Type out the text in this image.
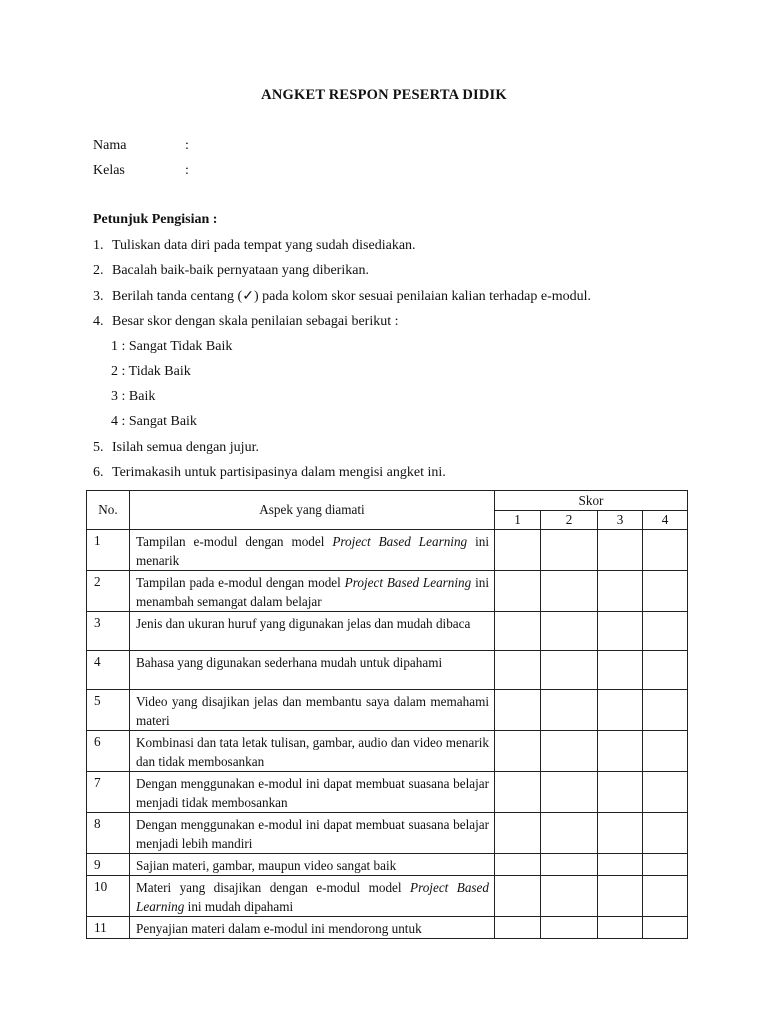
ANGKET RESPON PESERTA DIDIK
Nama	:
Kelas	:
Petunjuk Pengisian :
1. Tuliskan data diri pada tempat yang sudah disediakan.
2. Bacalah baik-baik pernyataan yang diberikan.
3. Berilah tanda centang (✓) pada kolom skor sesuai penilaian kalian terhadap e-modul.
4. Besar skor dengan skala penilaian sebagai berikut :
1 : Sangat Tidak Baik
2 : Tidak Baik
3 : Baik
4 : Sangat Baik
5. Isilah semua dengan jujur.
6. Terimakasih untuk partisipasinya dalam mengisi angket ini.
No.	Aspek yang diamati	Skor			
		1	2	3	4
1	Tampilan e-modul dengan model Project Based Learning ini menarik				

2	Tampilan pada e-modul dengan model Project Based Learning ini menambah semangat dalam belajar				

3	Jenis dan ukuran huruf yang digunakan jelas dan mudah dibaca				

4	Bahasa yang digunakan sederhana mudah untuk dipahami				

5	Video yang disajikan jelas dan membantu saya dalam memahami materi				

6	Kombinasi dan tata letak tulisan, gambar, audio dan video menarik dan tidak membosankan				

7	Dengan menggunakan e-modul ini dapat membuat suasana belajar menjadi tidak membosankan				

8	Dengan menggunakan e-modul ini dapat membuat suasana belajar menjadi lebih mandiri				

9	Sajian materi, gambar, maupun video sangat baik				

10	Materi yang disajikan dengan e-modul model Project Based Learning ini mudah dipahami				

11	Penyajian materi dalam e-modul ini mendorong untuk				
